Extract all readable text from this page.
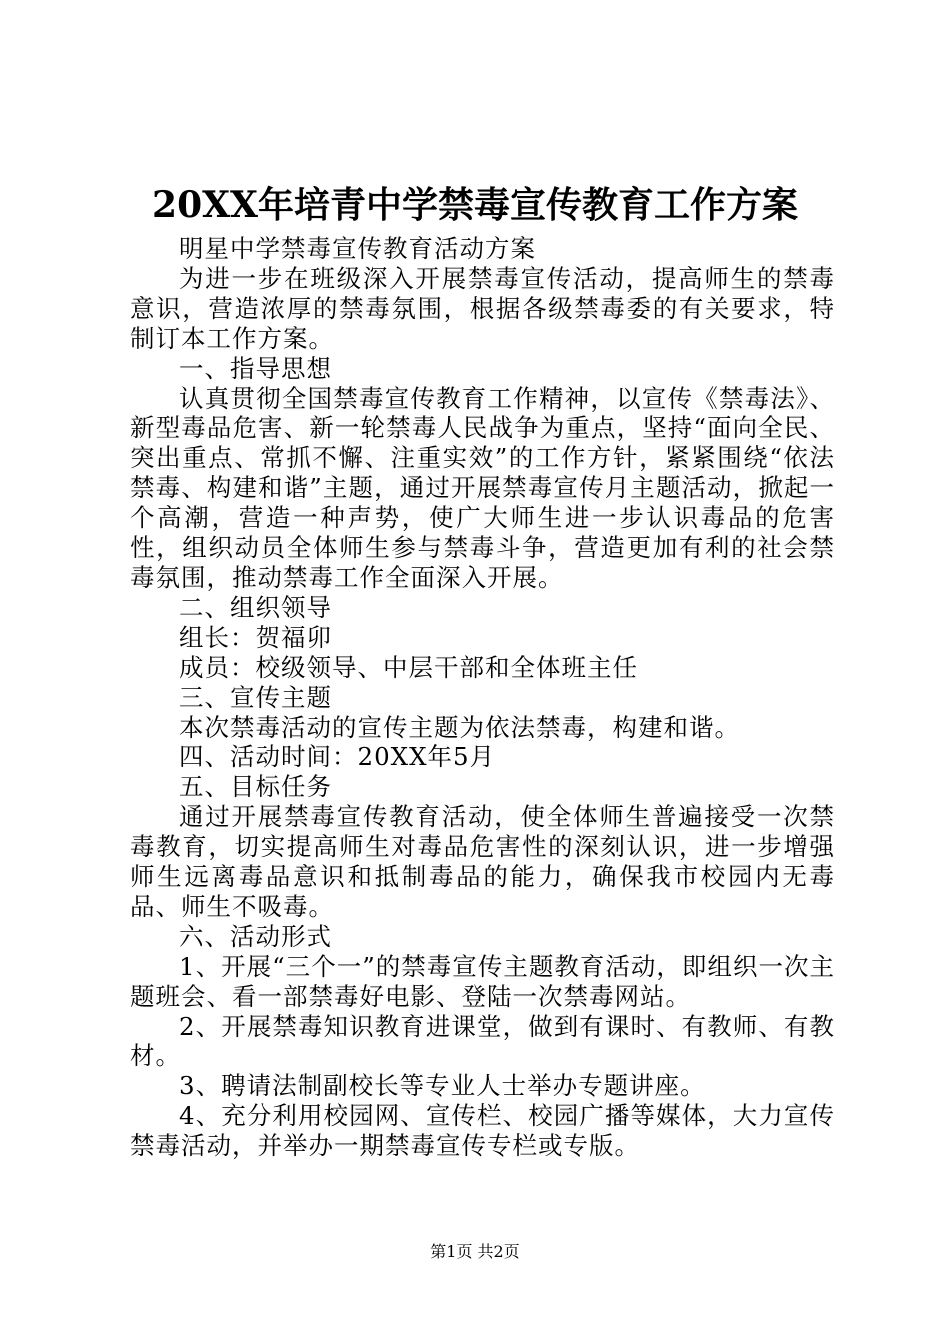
20XX年培青中学禁毒宣传教育工作方案

明星中学禁毒宣传教育活动方案

为进一步在班级深入开展禁毒宣传活动，提高师生的禁毒意识，营造浓厚的禁毒氛围，根据各级禁毒委的有关要求，特制订本工作方案。

一、指导思想

认真贯彻全国禁毒宣传教育工作精神，以宣传《禁毒法》、新型毒品危害、新一轮禁毒人民战争为重点，坚持“面向全民、突出重点、常抓不懈、注重实效”的工作方针，紧紧围绕“依法禁毒、构建和谐”主题，通过开展禁毒宣传月主题活动，掀起一个高潮，营造一种声势，使广大师生进一步认识毒品的危害性，组织动员全体师生参与禁毒斗争，营造更加有利的社会禁毒氛围，推动禁毒工作全面深入开展。

二、组织领导

组长：贺福卯

成员：校级领导、中层干部和全体班主任

三、宣传主题

本次禁毒活动的宣传主题为依法禁毒，构建和谐。

四、活动时间：20XX年5月

五、目标任务

通过开展禁毒宣传教育活动，使全体师生普遍接受一次禁毒教育，切实提高师生对毒品危害性的深刻认识，进一步增强师生远离毒品意识和抵制毒品的能力，确保我市校园内无毒品、师生不吸毒。

六、活动形式

1、开展“三个一”的禁毒宣传主题教育活动，即组织一次主题班会、看一部禁毒好电影、登陆一次禁毒网站。

2、开展禁毒知识教育进课堂，做到有课时、有教师、有教材。

3、聘请法制副校长等专业人士举办专题讲座。

4、充分利用校园网、宣传栏、校园广播等媒体，大力宣传禁毒活动，并举办一期禁毒宣传专栏或专版。

第1页 共2页
